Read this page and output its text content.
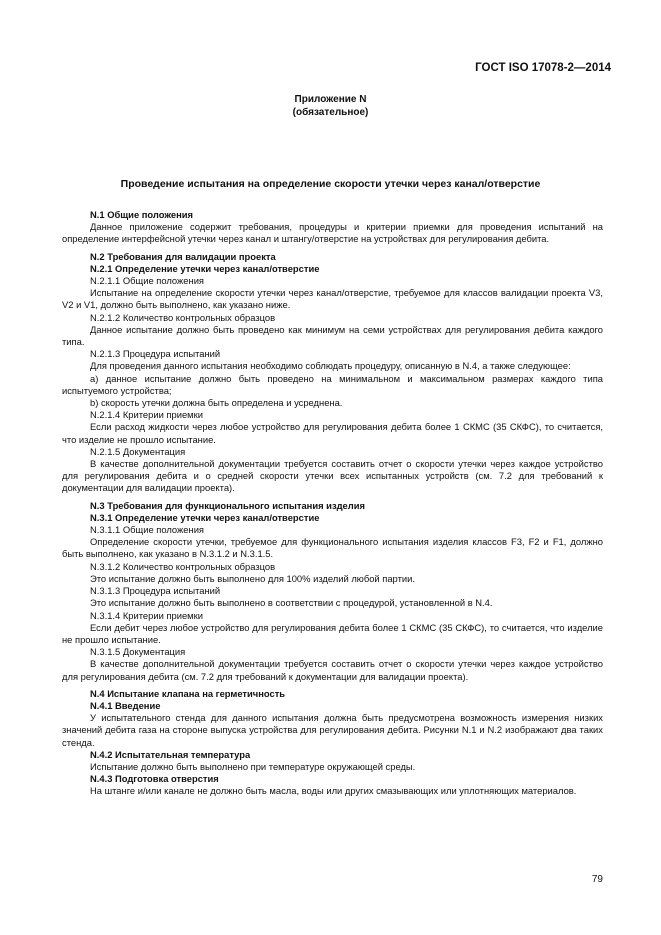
ГОСТ ISO 17078-2—2014
Приложение N
(обязательное)
Проведение испытания на определение скорости утечки через канал/отверстие

N.1 Общие положения

Данное приложение содержит требования, процедуры и критерии приемки для проведения испытаний на определение интерфейсной утечки через канал и штангу/отверстие на устройствах для регулирования дебита.

N.2 Требования для валидации проекта

N.2.1 Определение утечки через канал/отверстие

N.2.1.1 Общие положения

Испытание на определение скорости утечки через канал/отверстие, требуемое для классов валидации проекта V3, V2 и V1, должно быть выполнено, как указано ниже.

N.2.1.2 Количество контрольных образцов

Данное испытание должно быть проведено как минимум на семи устройствах для регулирования дебита каждого типа.

N.2.1.3 Процедура испытаний

Для проведения данного испытания необходимо соблюдать процедуру, описанную в N.4, а также следующее:

a) данное испытание должно быть проведено на минимальном и максимальном размерах каждого типа испытуемого устройства;

b) скорость утечки должна быть определена и усреднена.

N.2.1.4 Критерии приемки

Если расход жидкости через любое устройство для регулирования дебита более 1 СКМС (35 СКФС), то считается, что изделие не прошло испытание.

N.2.1.5 Документация

В качестве дополнительной документации требуется составить отчет о скорости утечки через каждое устройство для регулирования дебита и о средней скорости утечки всех испытанных устройств (см. 7.2 для требований к документации для валидации проекта).

N.3 Требования для функционального испытания изделия

N.3.1 Определение утечки через канал/отверстие

N.3.1.1 Общие положения

Определение скорости утечки, требуемое для функционального испытания изделия классов F3, F2 и F1, должно быть выполнено, как указано в N.3.1.2 и N.3.1.5.

N.3.1.2 Количество контрольных образцов

Это испытание должно быть выполнено для 100% изделий любой партии.

N.3.1.3 Процедура испытаний

Это испытание должно быть выполнено в соответствии с процедурой, установленной в N.4.

N.3.1.4 Критерии приемки

Если дебит через любое устройство для регулирования дебита более 1 СКМС (35 СКФС), то считается, что изделие не прошло испытание.

N.3.1.5 Документация

В качестве дополнительной документации требуется составить отчет о скорости утечки через каждое устройство для регулирования дебита (см. 7.2 для требований к документации для валидации проекта).

N.4 Испытание клапана на герметичность

N.4.1 Введение

У испытательного стенда для данного испытания должна быть предусмотрена возможность измерения низких значений дебита газа на стороне выпуска устройства для регулирования дебита. Рисунки N.1 и N.2 изображают два таких стенда.

N.4.2 Испытательная температура

Испытание должно быть выполнено при температуре окружающей среды.

N.4.3 Подготовка отверстия

На штанге и/или канале не должно быть масла, воды или других смазывающих или уплотняющих материалов.

79
